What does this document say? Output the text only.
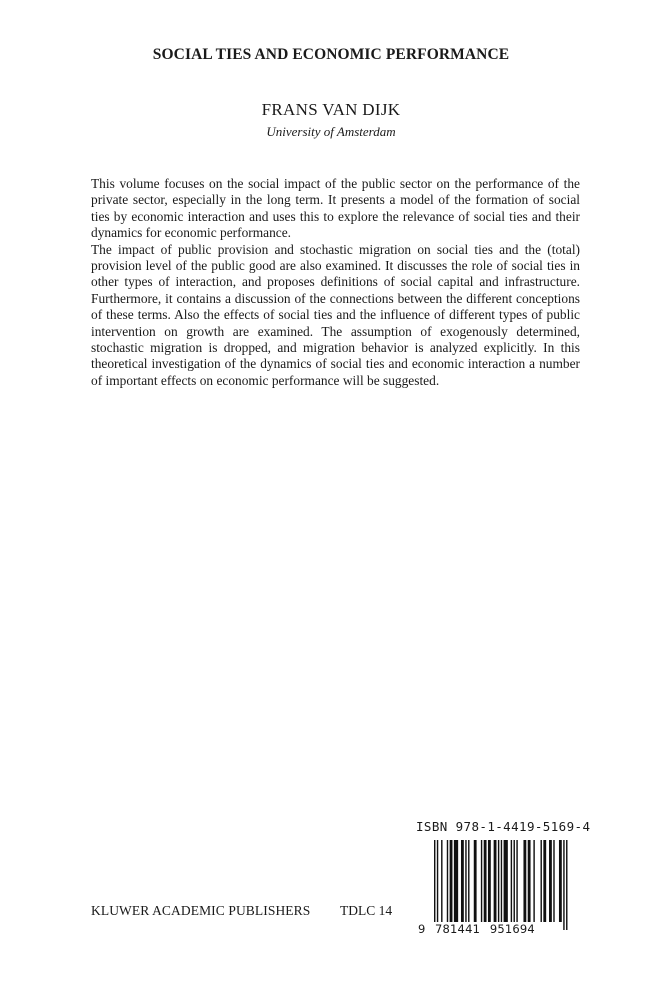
SOCIAL TIES AND ECONOMIC PERFORMANCE
FRANS VAN DIJK
University of Amsterdam

This volume focuses on the social impact of the public sector on the performance of the private sector, especially in the long term. It presents a model of the formation of social ties by economic interaction and uses this to explore the relevance of social ties and their dynamics for economic performance.

The impact of public provision and stochastic migration on social ties and the (total) provision level of the public good are also examined. It discusses the role of social ties in other types of interaction, and proposes definitions of social capital and infrastructure. Furthermore, it contains a discussion of the connections between the different conceptions of these terms. Also the effects of social ties and the influence of different types of public intervention on growth are examined. The assumption of exogenously determined, stochastic migration is dropped, and migration behavior is analyzed explicitly. In this theoretical investigation of the dynamics of social ties and economic interaction a number of important effects on economic performance will be suggested.

ISBN 978-1-4419-5169-4
9 781441 951694
KLUWER ACADEMIC PUBLISHERS TDLC 14
